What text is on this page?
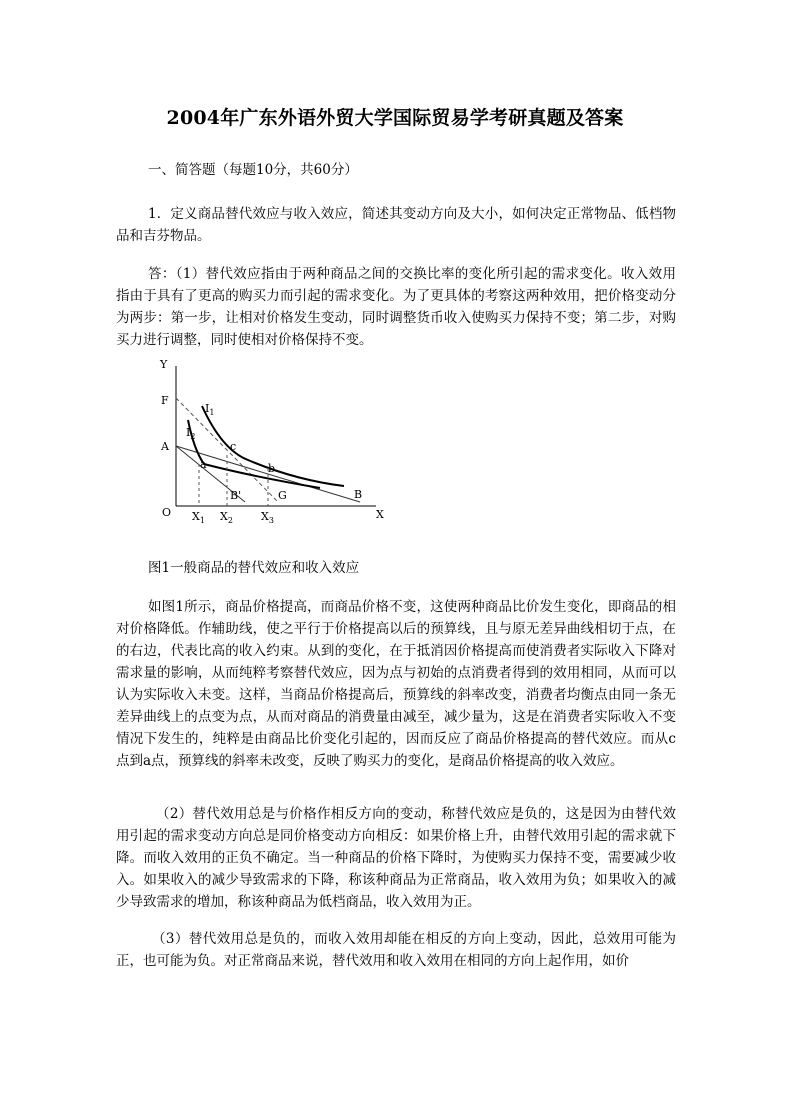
2004年广东外语外贸大学国际贸易学考研真题及答案
一、简答题（每题10分，共60分）

1．定义商品替代效应与收入效应，简述其变动方向及大小，如何决定正常物品、低档物品和吉芬物品。

答：（1）替代效应指由于两种商品之间的交换比率的变化所引起的需求变化。收入效用指由于具有了更高的购买力而引起的需求变化。为了更具体的考察这两种效用，把价格变动分为两步：第一步，让相对价格发生变动，同时调整货币收入使购买力保持不变；第二步，对购买力进行调整，同时使相对价格保持不变。

Y
X
O
F
A
$I_1$
$I_2$
a
c
b
B'	G	B
$X_1$ $X_2$	$X_3$
图1一般商品的替代效应和收入效应

如图1所示，商品价格提高，而商品价格不变，这使两种商品比价发生变化，即商品的相对价格降低。作辅助线，使之平行于价格提高以后的预算线，且与原无差异曲线相切于点，在的右边，代表比高的收入约束。从到的变化，在于抵消因价格提高而使消费者实际收入下降对需求量的影响，从而纯粹考察替代效应，因为点与初始的点消费者得到的效用相同，从而可以认为实际收入未变。这样，当商品价格提高后，预算线的斜率改变，消费者均衡点由同一条无差异曲线上的点变为点，从而对商品的消费量由减至，减少量为，这是在消费者实际收入不变情况下发生的，纯粹是由商品比价变化引起的，因而反应了商品价格提高的替代效应。而从c点到a点，预算线的斜率未改变，反映了购买力的变化，是商品价格提高的收入效应。

（2）替代效用总是与价格作相反方向的变动，称替代效应是负的，这是因为由替代效用引起的需求变动方向总是同价格变动方向相反：如果价格上升，由替代效用引起的需求就下降。而收入效用的正负不确定。当一种商品的价格下降时，为使购买力保持不变，需要减少收入。如果收入的减少导致需求的下降，称该种商品为正常商品，收入效用为负；如果收入的减少导致需求的增加，称该种商品为低档商品，收入效用为正。

（3）替代效用总是负的，而收入效用却能在相反的方向上变动，因此，总效用可能为正，也可能为负。对正常商品来说，替代效用和收入效用在相同的方向上起作用，如价
